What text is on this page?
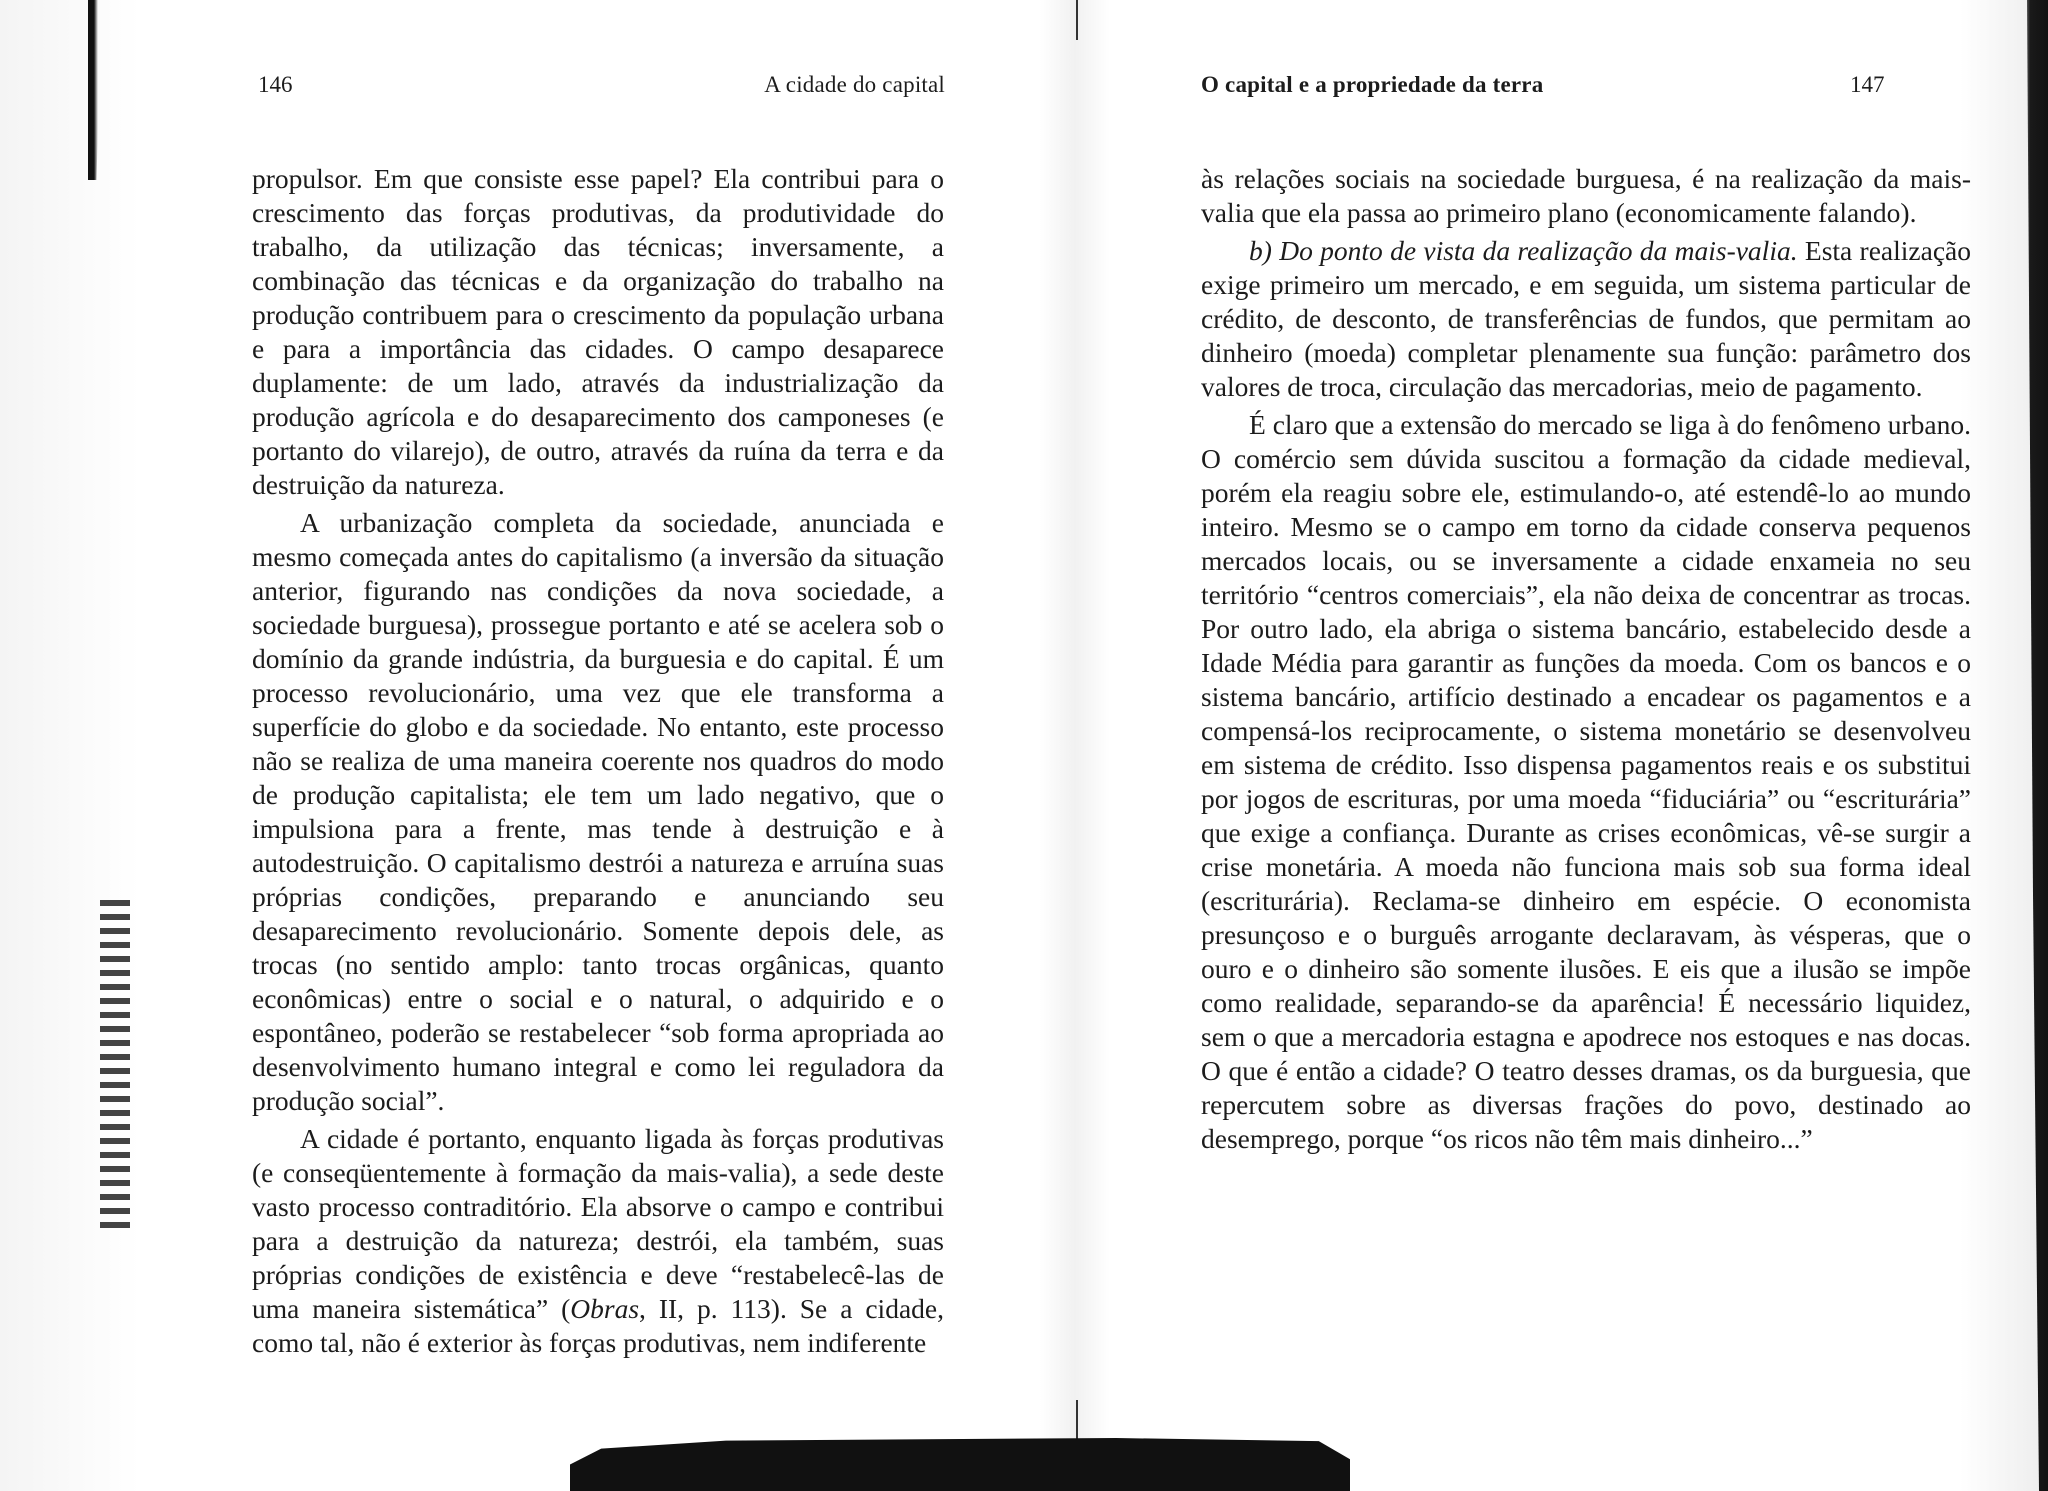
146	A cidade do capital

propulsor. Em que consiste esse papel? Ela contribui para o crescimento das forças produtivas, da produtividade do trabalho, da utilização das técnicas; inversamente, a combinação das técnicas e da organização do trabalho na produção contribuem para o crescimento da população urbana e para a importância das cidades. O campo desaparece duplamente: de um lado, através da industrialização da produção agrícola e do desaparecimento dos camponeses (e portanto do vilarejo), de outro, através da ruína da terra e da destruição da natureza.

A urbanização completa da sociedade, anunciada e mesmo começada antes do capitalismo (a inversão da situação anterior, figurando nas condições da nova sociedade, a sociedade burguesa), prossegue portanto e até se acelera sob o domínio da grande indústria, da burguesia e do capital. É um processo revolucionário, uma vez que ele transforma a superfície do globo e da sociedade. No entanto, este processo não se realiza de uma maneira coerente nos quadros do modo de produção capitalista; ele tem um lado negativo, que o impulsiona para a frente, mas tende à destruição e à autodestruição. O capitalismo destrói a natureza e arruína suas próprias condições, preparando e anunciando seu desaparecimento revolucionário. Somente depois dele, as trocas (no sentido amplo: tanto trocas orgânicas, quanto econômicas) entre o social e o natural, o adquirido e o espontâneo, poderão se restabelecer “sob forma apropriada ao desenvolvimento humano integral e como lei reguladora da produção social”.

A cidade é portanto, enquanto ligada às forças produtivas (e conseqüentemente à formação da mais-valia), a sede deste vasto processo contraditório. Ela absorve o campo e contribui para a destruição da natureza; destrói, ela também, suas próprias condições de existência e deve “restabelecê-las de uma maneira sistemática” (Obras, II, p. 113). Se a cidade, como tal, não é exterior às forças produtivas, nem indiferente

O capital e a propriedade da terra	147

às relações sociais na sociedade burguesa, é na realização da mais-valia que ela passa ao primeiro plano (economicamente falando).

b) Do ponto de vista da realização da mais-valia. Esta realização exige primeiro um mercado, e em seguida, um sistema particular de crédito, de desconto, de transferências de fundos, que permitam ao dinheiro (moeda) completar plenamente sua função: parâmetro dos valores de troca, circulação das mercadorias, meio de pagamento.

É claro que a extensão do mercado se liga à do fenômeno urbano. O comércio sem dúvida suscitou a formação da cidade medieval, porém ela reagiu sobre ele, estimulando-o, até estendê-lo ao mundo inteiro. Mesmo se o campo em torno da cidade conserva pequenos mercados locais, ou se inversamente a cidade enxameia no seu território “centros comerciais”, ela não deixa de concentrar as trocas. Por outro lado, ela abriga o sistema bancário, estabelecido desde a Idade Média para garantir as funções da moeda. Com os bancos e o sistema bancário, artifício destinado a encadear os pagamentos e a compensá-los reciprocamente, o sistema monetário se desenvolveu em sistema de crédito. Isso dispensa pagamentos reais e os substitui por jogos de escrituras, por uma moeda “fiduciária” ou “escriturária” que exige a confiança. Durante as crises econômicas, vê-se surgir a crise monetária. A moeda não funciona mais sob sua forma ideal (escriturária). Reclama-se dinheiro em espécie. O economista presunçoso e o burguês arrogante declaravam, às vésperas, que o ouro e o dinheiro são somente ilusões. E eis que a ilusão se impõe como realidade, separando-se da aparência! É necessário liquidez, sem o que a mercadoria estagna e apodrece nos estoques e nas docas. O que é então a cidade? O teatro desses dramas, os da burguesia, que repercutem sobre as diversas frações do povo, destinado ao desemprego, porque “os ricos não têm mais dinheiro...”
